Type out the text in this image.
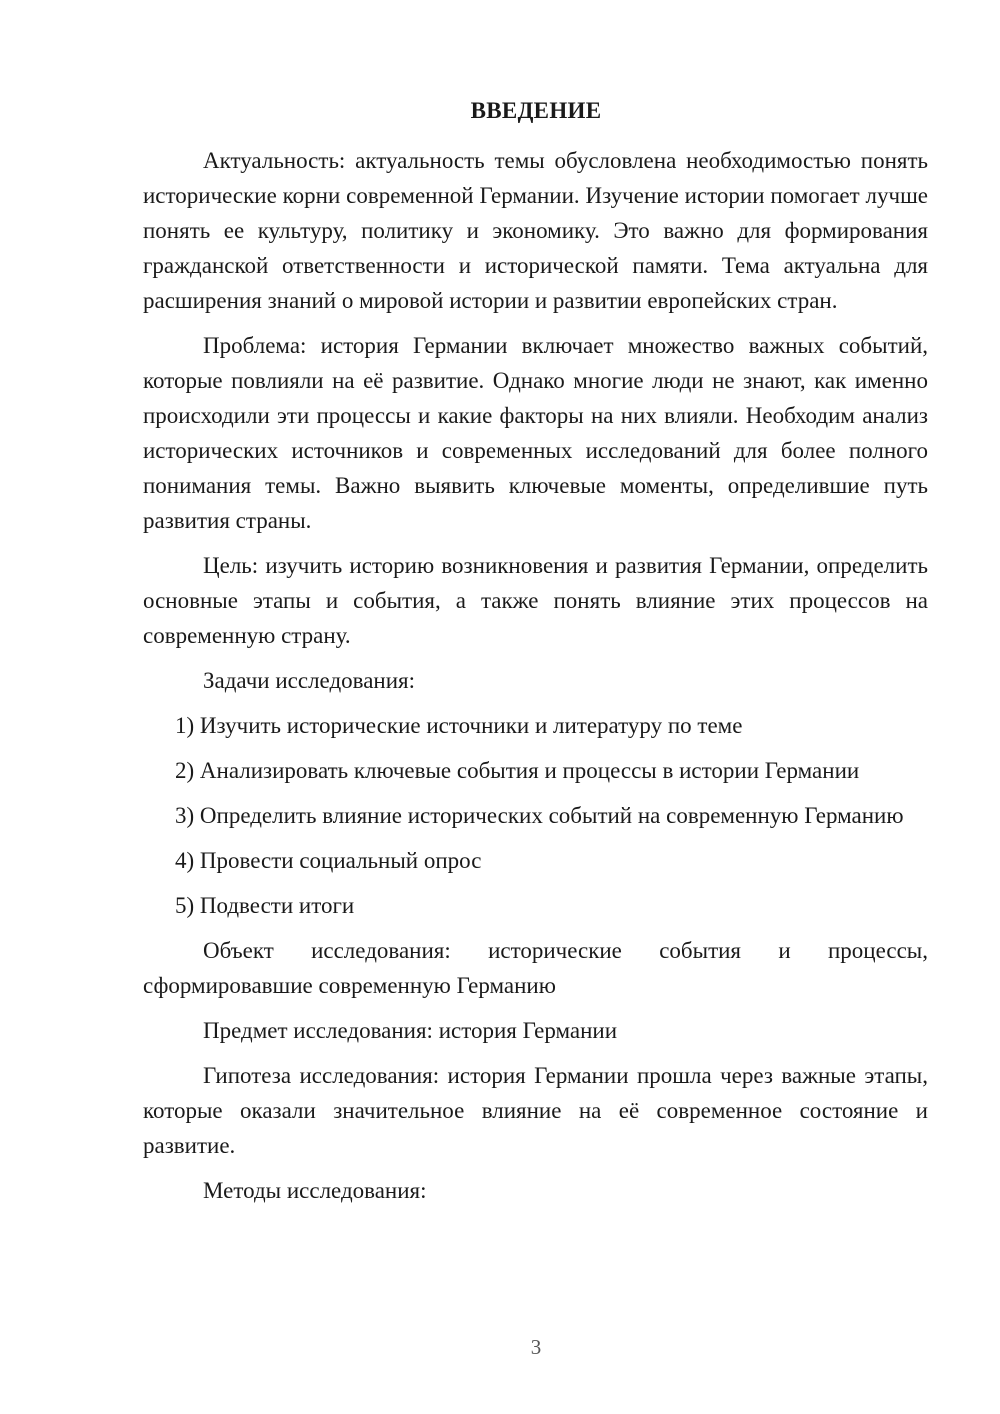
ВВЕДЕНИЕ

Актуальность: актуальность темы обусловлена необходимостью понять исторические корни современной Германии. Изучение истории помогает лучше понять ее культуру, политику и экономику. Это важно для формирования гражданской ответственности и исторической памяти. Тема актуальна для расширения знаний о мировой истории и развитии европейских стран.

Проблема: история Германии включает множество важных событий, которые повлияли на её развитие. Однако многие люди не знают, как именно происходили эти процессы и какие факторы на них влияли. Необходим анализ исторических источников и современных исследований для более полного понимания темы. Важно выявить ключевые моменты, определившие путь развития страны.

Цель: изучить историю возникновения и развития Германии, определить основные этапы и события, а также понять влияние этих процессов на современную страну.

Задачи исследования:

1) Изучить исторические источники и литературу по теме

2) Анализировать ключевые события и процессы в истории Германии

3) Определить влияние исторических событий на современную Германию

4) Провести социальный опрос

5) Подвести итоги

Объект исследования: исторические события и процессы, сформировавшие современную Германию

Предмет исследования: история Германии

Гипотеза исследования: история Германии прошла через важные этапы, которые оказали значительное влияние на её современное состояние и развитие.

Методы исследования:

3
